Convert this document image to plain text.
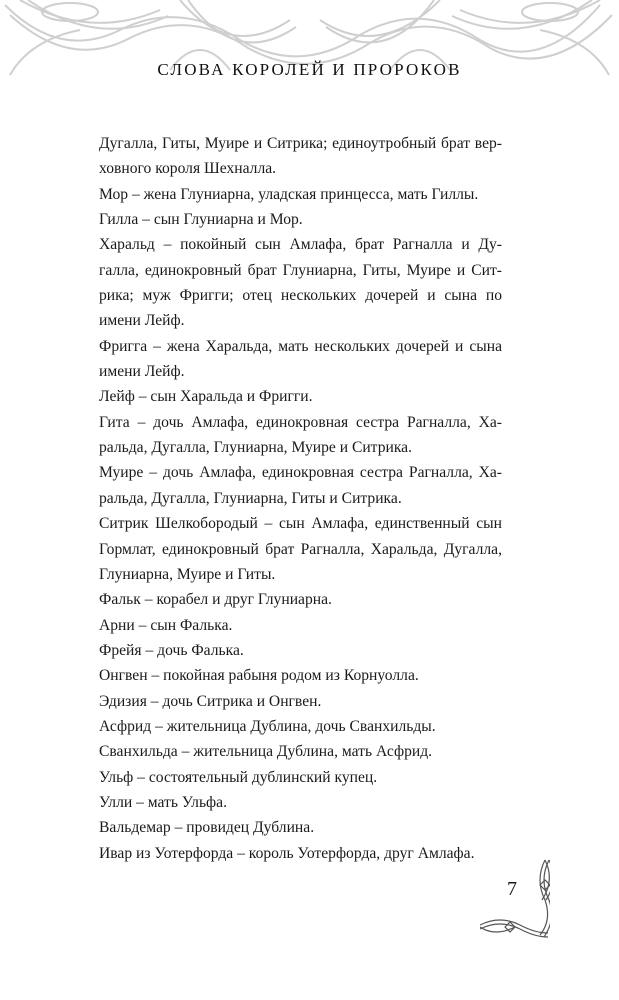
СЛОВА КОРОЛЕЙ И ПРОРОКОВ
Дугалла, Гиты, Муире и Ситрика; единоутробный брат вер-
ховного короля Шехналла.
Мор – жена Глуниарна, уладская принцесса, мать Гиллы.
Гилла – сын Глуниарна и Мор.
Харальд – покойный сын Амлафа, брат Рагналла и Ду-
галла, единокровный брат Глуниарна, Гиты, Муире и Сит-
рика; муж Фригги; отец нескольких дочерей и сына по
имени Лейф.
Фригга – жена Харальда, мать нескольких дочерей и сына
имени Лейф.
Лейф – сын Харальда и Фригги.
Гита – дочь Амлафа, единокровная сестра Рагналла, Ха-
ральда, Дугалла, Глуниарна, Муире и Ситрика.
Муире – дочь Амлафа, единокровная сестра Рагналла, Ха-
ральда, Дугалла, Глуниарна, Гиты и Ситрика.
Ситрик Шелкобородый – сын Амлафа, единственный сын
Гормлат, единокровный брат Рагналла, Харальда, Дугалла,
Глуниарна, Муире и Гиты.
Фальк – корабел и друг Глуниарна.
Арни – сын Фалька.
Фрейя – дочь Фалька.
Онгвен – покойная рабыня родом из Корнуолла.
Эдизия – дочь Ситрика и Онгвен.
Асфрид – жительница Дублина, дочь Сванхильды.
Сванхильда – жительница Дублина, мать Асфрид.
Ульф – состоятельный дублинский купец.
Улли – мать Ульфа.
Вальдемар – провидец Дублина.
Ивар из Уотерфорда – король Уотерфорда, друг Амлафа.
7
